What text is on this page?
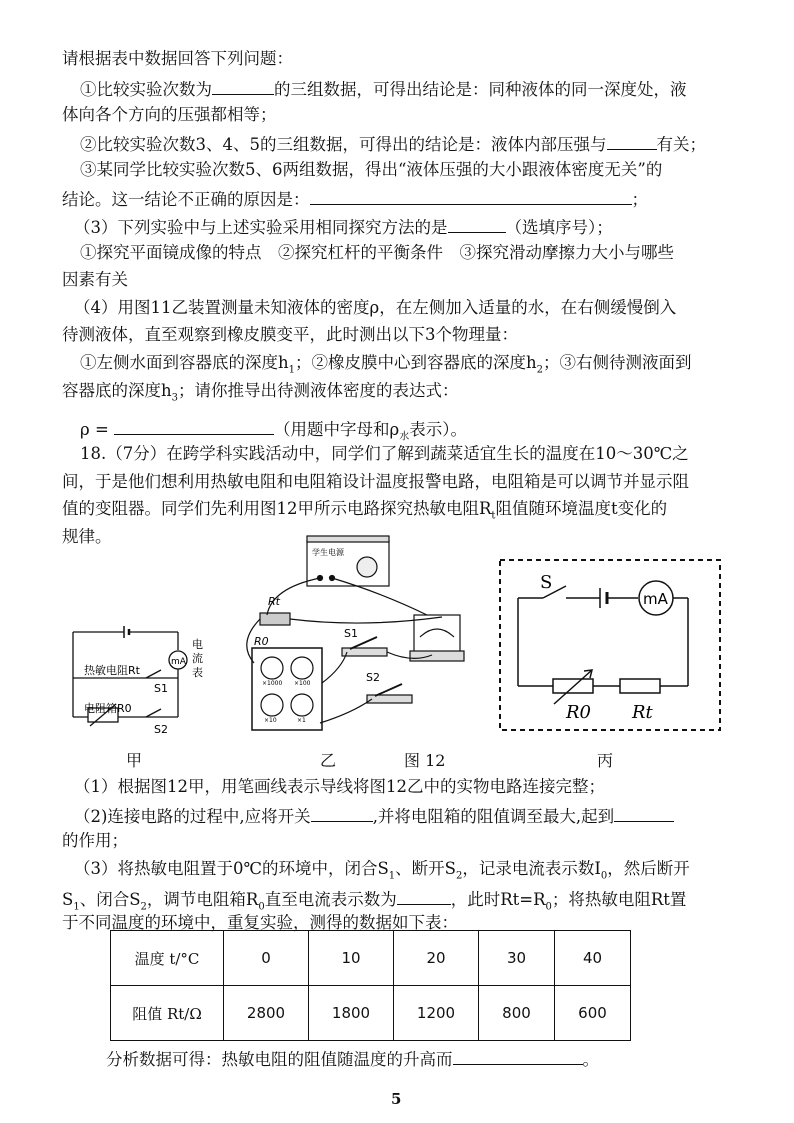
请根据表中数据回答下列问题：
①比较实验次数为	的三组数据，可得出结论是：同种液体的同一深度处，液
体向各个方向的压强都相等；
②比较实验次数3、4、5的三组数据，可得出的结论是：液体内部压强与	有关；
③某同学比较实验次数5、6两组数据，得出“液体压强的大小跟液体密度无关”的
结论。这一结论不正确的原因是：	；
（3）下列实验中与上述实验采用相同探究方法的是	（选填序号）；
①探究平面镜成像的特点　②探究杠杆的平衡条件　③探究滑动摩擦力大小与哪些
因素有关
（4）用图11乙装置测量未知液体的密度ρ，在左侧加入适量的水，在右侧缓慢倒入
待测液体，直至观察到橡皮膜变平，此时测出以下3个物理量：
①左侧水面到容器底的深度$h_1$；②橡皮膜中心到容器底的深度$h_2$；③右侧待测液面到
容器底的深度$h_3$；请你推导出待测液体密度的表达式：
ρ =	（用题中字母和$\rho_水$表示）。
18.（7分）在跨学科实践活动中，同学们了解到蔬菜适宜生长的温度在10～30℃之
间，于是他们想利用热敏电阻和电阻箱设计温度报警电路，电阻箱是可以调节并显示阻
值的变阻器。同学们先利用图12甲所示电路探究热敏电阻$R_t$阻值随环境温度t变化的
规律。
热敏电阻Rt
电阻箱R0
mA
电
流
表
S1
S2
学生电源
Rt
R0
×1000 ×100
×10	×1
S1
S2
S
mA
R0 Rt
甲	乙	图 12	丙
（1）根据图12甲，用笔画线表示导线将图12乙中的实物电路连接完整；
（2)连接电路的过程中,应将开关	,并将电阻箱的阻值调至最大,起到
的作用；
（3）将热敏电阻置于0℃的环境中，闭合$S_1$、断开$S_2$，记录电流表示数$I_0$，然后断开
$S_1$、闭合$S_2$，调节电阻箱$R_0$直至电流表示数为	，此时$Rt=R_0$；将热敏电阻Rt置
于不同温度的环境中，重复实验，测得的数据如下表：
温度 t/°C	0	10	20	30	40
阻值 Rt/Ω	2800	1800	1200	800	600
分析数据可得：热敏电阻的阻值随温度的升高而	。
5
